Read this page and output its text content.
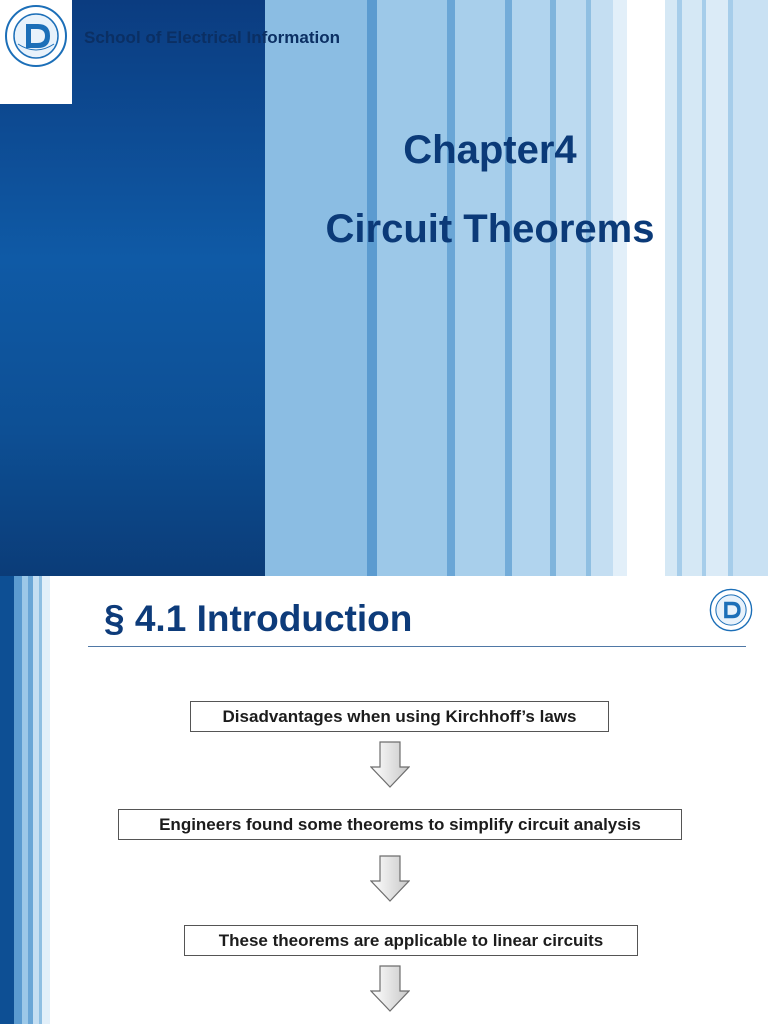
School of Electrical Information
Chapter4
Circuit Theorems
§ 4.1 Introduction
Disadvantages when using Kirchhoff’s laws
Engineers found some theorems to simplify circuit analysis
These theorems are applicable to linear circuits
